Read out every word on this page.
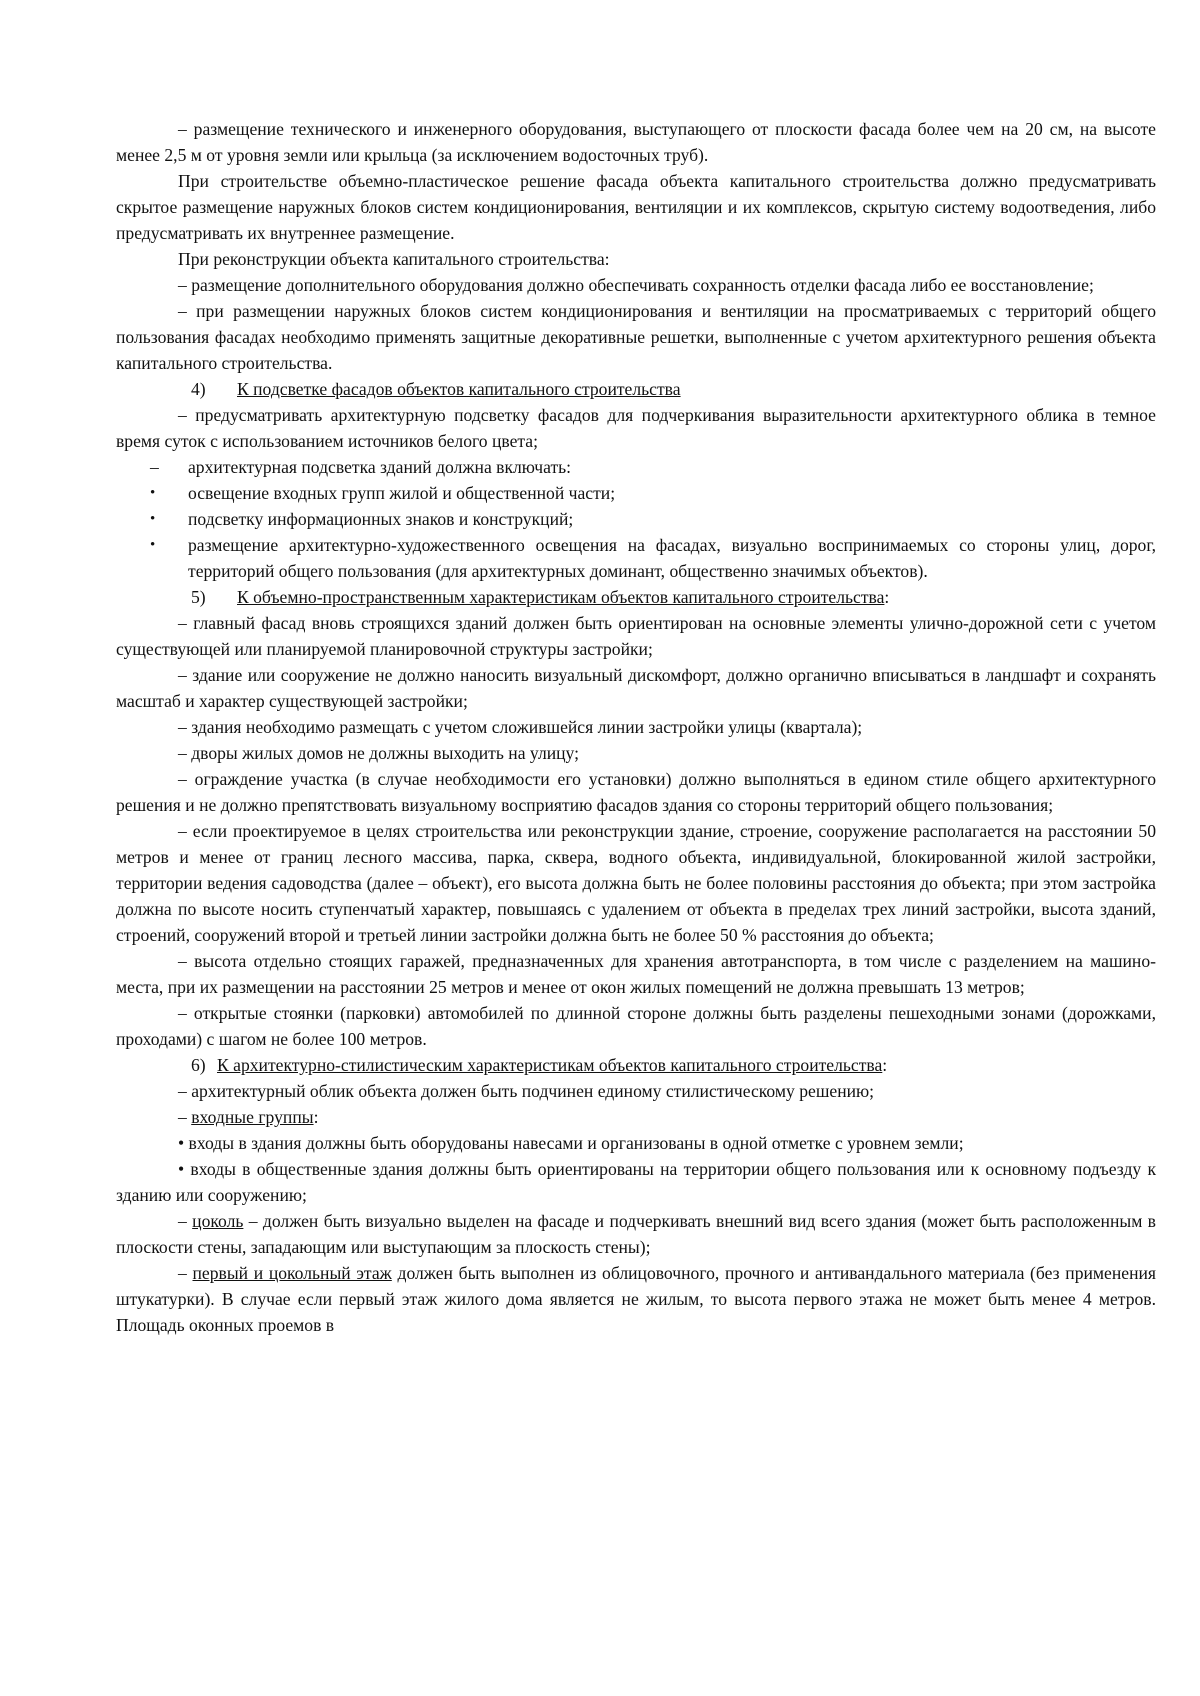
– размещение технического и инженерного оборудования, выступающего от плоскости фасада более чем на 20 см, на высоте менее 2,5 м от уровня земли или крыльца (за исключением водосточных труб).

При строительстве объемно-пластическое решение фасада объекта капитального строительства должно предусматривать скрытое размещение наружных блоков систем кондиционирования, вентиляции и их комплексов, скрытую систему водоотведения, либо предусматривать их внутреннее размещение.

При реконструкции объекта капитального строительства:

– размещение дополнительного оборудования должно обеспечивать сохранность отделки фасада либо ее восстановление;

– при размещении наружных блоков систем кондиционирования и вентиляции на просматриваемых с территорий общего пользования фасадах необходимо применять защитные декоративные решетки, выполненные с учетом архитектурного решения объекта капитального строительства.

4) К подсветке фасадов объектов капитального строительства

– предусматривать архитектурную подсветку фасадов для подчеркивания выразительности архитектурного облика в темное время суток с использованием источников белого цвета;

– архитектурная подсветка зданий должна включать:
• освещение входных групп жилой и общественной части;
• подсветку информационных знаков и конструкций;
• размещение архитектурно-художественного освещения на фасадах, визуально воспринимаемых со стороны улиц, дорог, территорий общего пользования (для архитектурных доминант, общественно значимых объектов).

5) К объемно-пространственным характеристикам объектов капитального строительства:

– главный фасад вновь строящихся зданий должен быть ориентирован на основные элементы улично-дорожной сети с учетом существующей или планируемой планировочной структуры застройки;

– здание или сооружение не должно наносить визуальный дискомфорт, должно органично вписываться в ландшафт и сохранять масштаб и характер существующей застройки;

– здания необходимо размещать с учетом сложившейся линии застройки улицы (квартала);

– дворы жилых домов не должны выходить на улицу;

– ограждение участка (в случае необходимости его установки) должно выполняться в едином стиле общего архитектурного решения и не должно препятствовать визуальному восприятию фасадов здания со стороны территорий общего пользования;

– если проектируемое в целях строительства или реконструкции здание, строение, сооружение располагается на расстоянии 50 метров и менее от границ лесного массива, парка, сквера, водного объекта, индивидуальной, блокированной жилой застройки, территории ведения садоводства (далее – объект), его высота должна быть не более половины расстояния до объекта; при этом застройка должна по высоте носить ступенчатый характер, повышаясь с удалением от объекта в пределах трех линий застройки, высота зданий, строений, сооружений второй и третьей линии застройки должна быть не более 50 % расстояния до объекта;

– высота отдельно стоящих гаражей, предназначенных для хранения автотранспорта, в том числе с разделением на машино-места, при их размещении на расстоянии 25 метров и менее от окон жилых помещений не должна превышать 13 метров;

– открытые стоянки (парковки) автомобилей по длинной стороне должны быть разделены пешеходными зонами (дорожками, проходами) с шагом не более 100 метров.

6) К архитектурно-стилистическим характеристикам объектов капитального строительства:

– архитектурный облик объекта должен быть подчинен единому стилистическому решению;

– входные группы:

• входы в здания должны быть оборудованы навесами и организованы в одной отметке с уровнем земли;

• входы в общественные здания должны быть ориентированы на территории общего пользования или к основному подъезду к зданию или сооружению;

– цоколь – должен быть визуально выделен на фасаде и подчеркивать внешний вид всего здания (может быть расположенным в плоскости стены, западающим или выступающим за плоскость стены);

– первый и цокольный этаж должен быть выполнен из облицовочного, прочного и антивандального материала (без применения штукатурки). В случае если первый этаж жилого дома является не жилым, то высота первого этажа не может быть менее 4 метров. Площадь оконных проемов в
